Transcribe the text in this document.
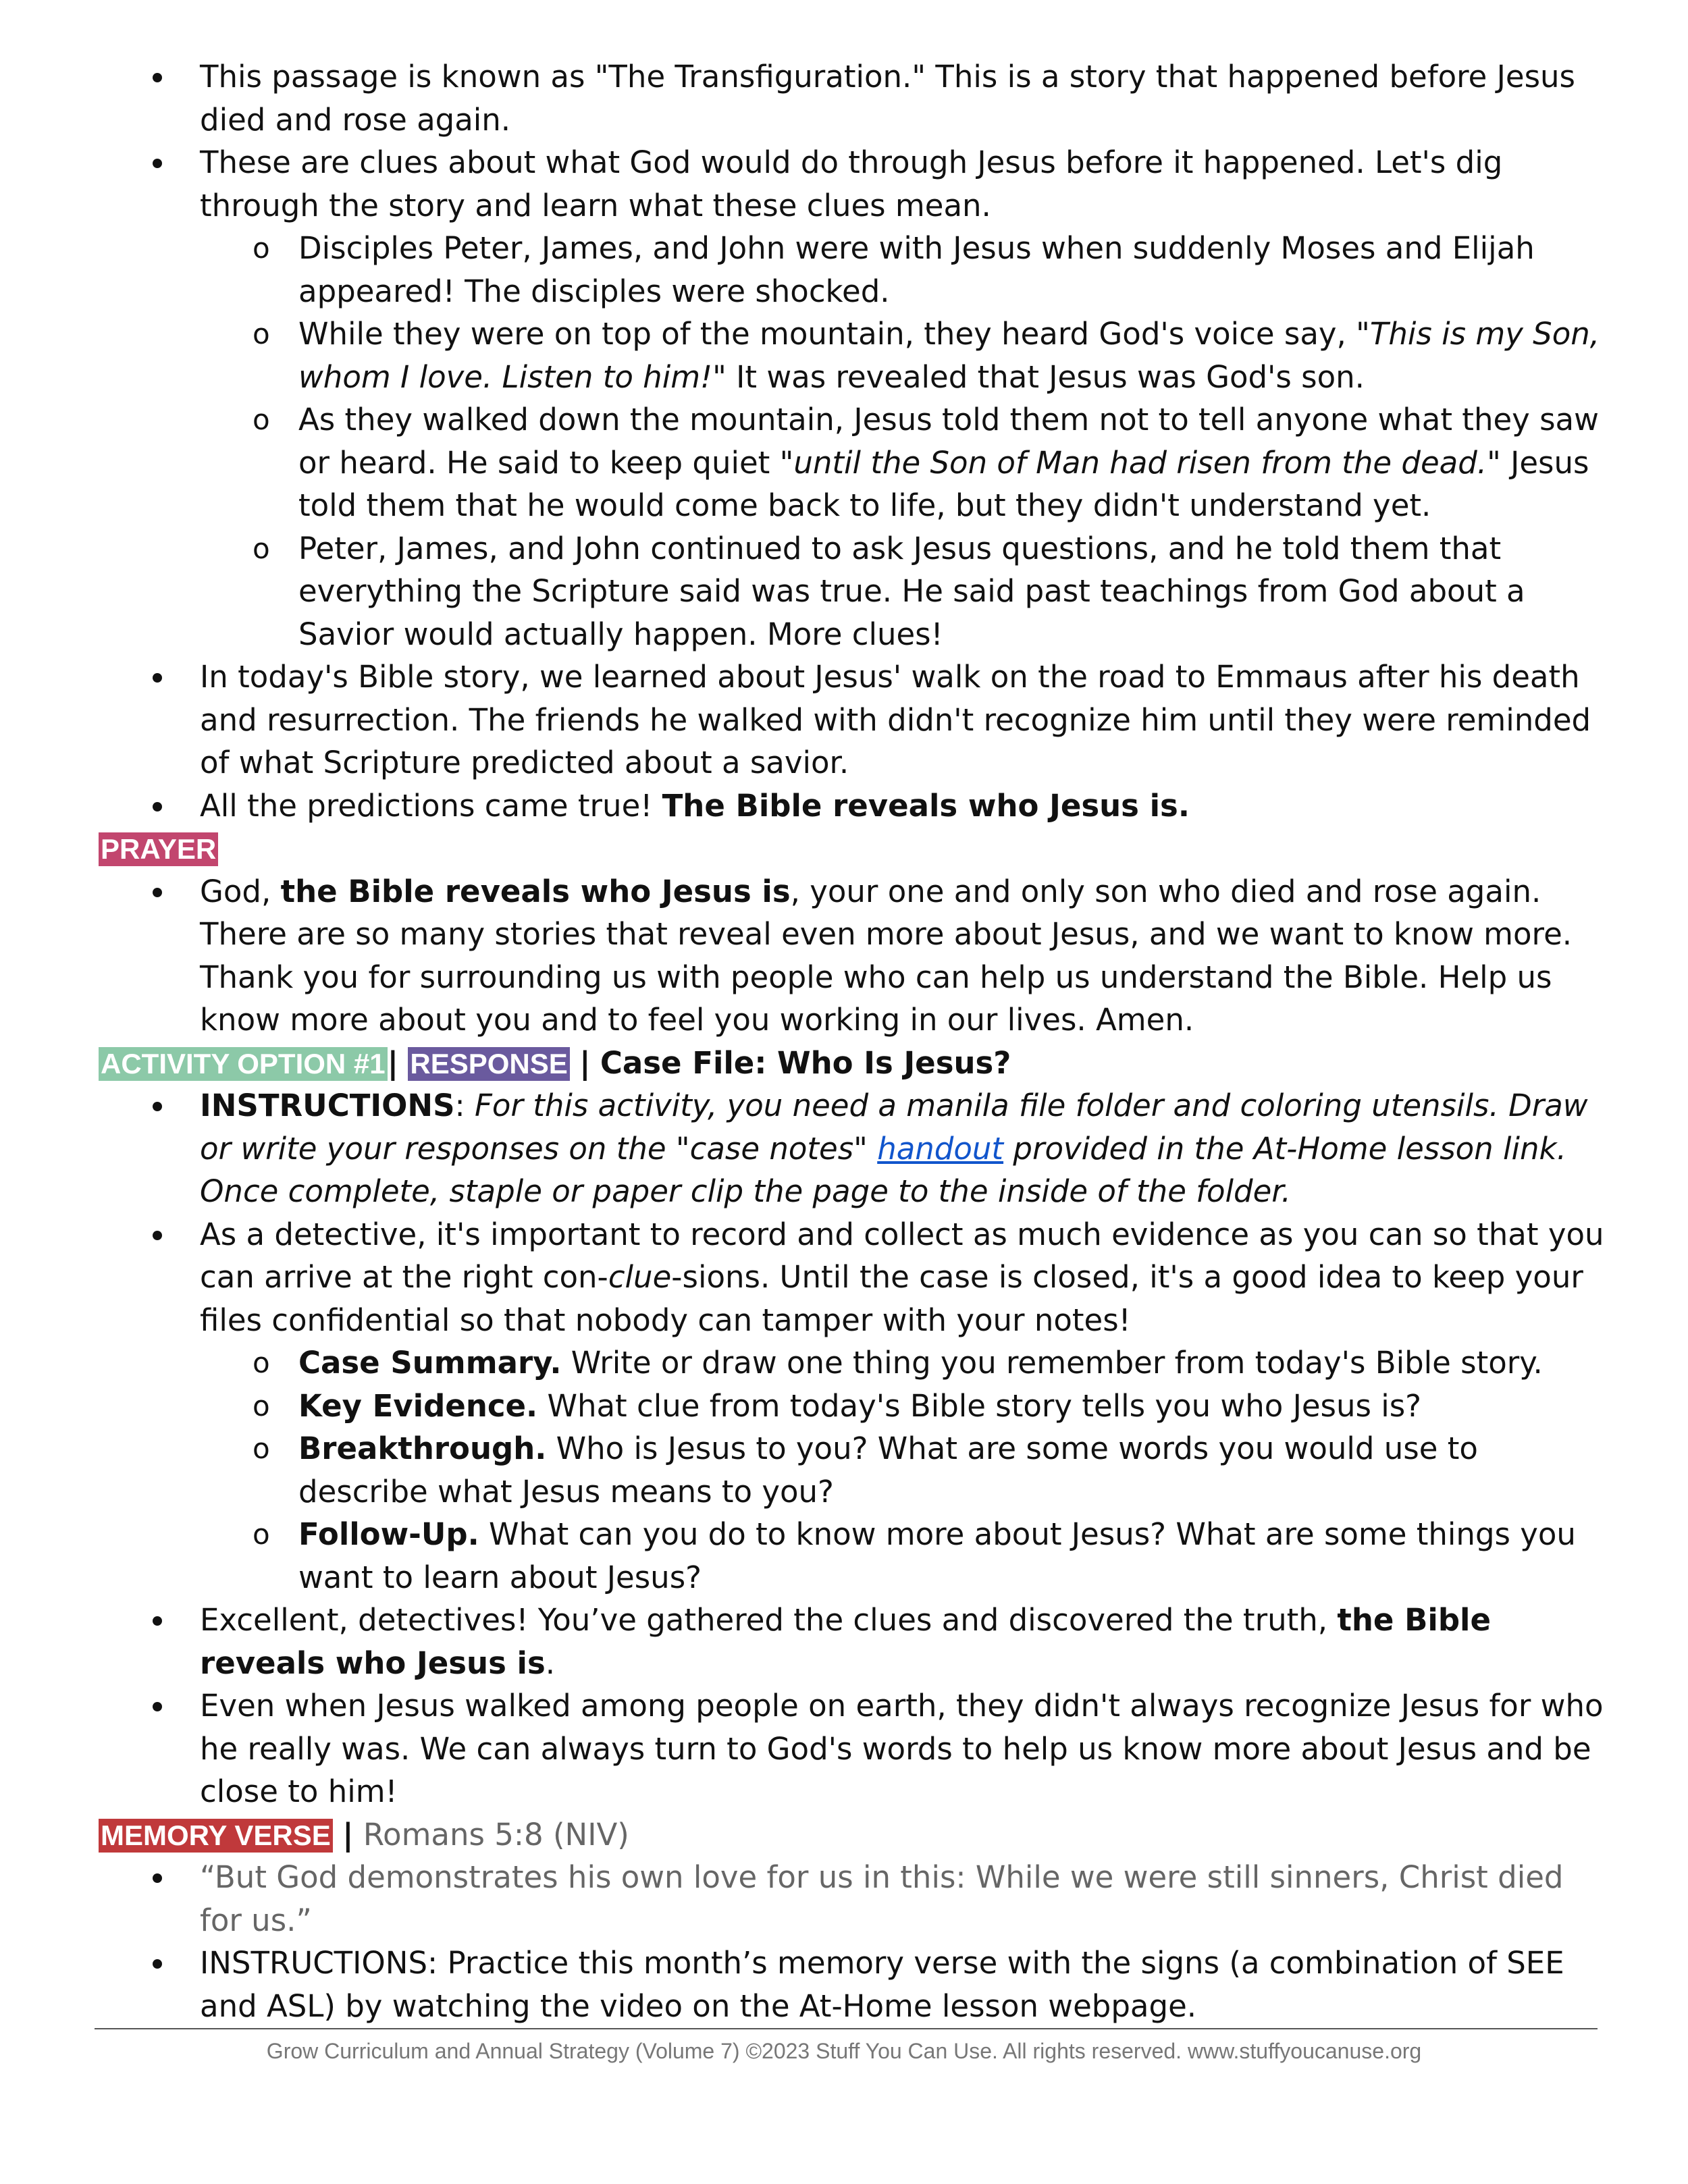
This passage is known as "The Transfiguration." This is a story that happened before Jesus died and rose again.
These are clues about what God would do through Jesus before it happened. Let's dig through the story and learn what these clues mean.
o Disciples Peter, James, and John were with Jesus when suddenly Moses and Elijah appeared! The disciples were shocked.
o While they were on top of the mountain, they heard God's voice say, "This is my Son, whom I love. Listen to him!" It was revealed that Jesus was God's son.
o As they walked down the mountain, Jesus told them not to tell anyone what they saw or heard. He said to keep quiet "until the Son of Man had risen from the dead." Jesus told them that he would come back to life, but they didn't understand yet.
o Peter, James, and John continued to ask Jesus questions, and he told them that everything the Scripture said was true. He said past teachings from God about a Savior would actually happen. More clues!
In today's Bible story, we learned about Jesus' walk on the road to Emmaus after his death and resurrection. The friends he walked with didn't recognize him until they were reminded of what Scripture predicted about a savior.
All the predictions came true! The Bible reveals who Jesus is.
PRAYER
God, the Bible reveals who Jesus is, your one and only son who died and rose again. There are so many stories that reveal even more about Jesus, and we want to know more. Thank you for surrounding us with people who can help us understand the Bible. Help us know more about you and to feel you working in our lives. Amen.
ACTIVITY OPTION #1| RESPONSE | Case File: Who Is Jesus?
INSTRUCTIONS: For this activity, you need a manila file folder and coloring utensils. Draw or write your responses on the "case notes" handout provided in the At-Home lesson link. Once complete, staple or paper clip the page to the inside of the folder.
As a detective, it's important to record and collect as much evidence as you can so that you can arrive at the right con-clue-sions. Until the case is closed, it's a good idea to keep your files confidential so that nobody can tamper with your notes!
o Case Summary. Write or draw one thing you remember from today's Bible story.
o Key Evidence. What clue from today's Bible story tells you who Jesus is?
o Breakthrough. Who is Jesus to you? What are some words you would use to describe what Jesus means to you?
o Follow-Up. What can you do to know more about Jesus? What are some things you want to learn about Jesus?
Excellent, detectives! You’ve gathered the clues and discovered the truth, the Bible reveals who Jesus is.
Even when Jesus walked among people on earth, they didn't always recognize Jesus for who he really was. We can always turn to God's words to help us know more about Jesus and be close to him!
MEMORY VERSE | Romans 5:8 (NIV)
“But God demonstrates his own love for us in this: While we were still sinners, Christ died for us.”
INSTRUCTIONS: Practice this month’s memory verse with the signs (a combination of SEE and ASL) by watching the video on the At-Home lesson webpage.
Grow Curriculum and Annual Strategy (Volume 7) ©2023 Stuff You Can Use. All rights reserved. www.stuffyoucanuse.org
